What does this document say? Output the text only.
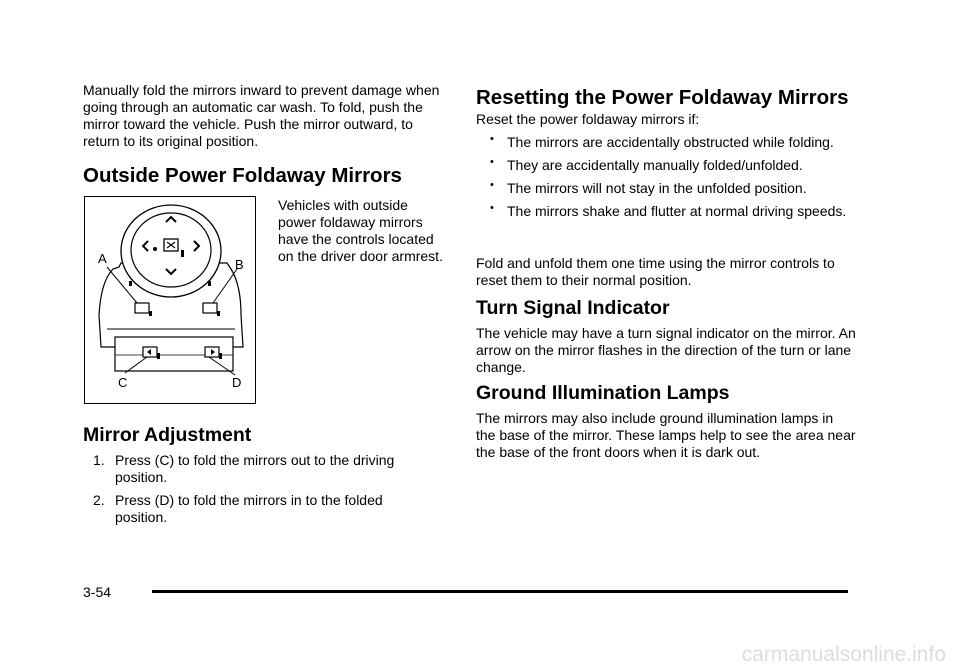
Manually fold the mirrors inward to prevent damage when going through an automatic car wash. To fold, push the mirror toward the vehicle. Push the mirror outward, to return to its original position.

Outside Power Foldaway Mirrors
A	B
C	D

Vehicles with outside power foldaway mirrors have the controls located on the driver door armrest.

Mirror Adjustment
1. Press (C) to fold the mirrors out to the driving position.
2. Press (D) to fold the mirrors in to the folded position.
Resetting the Power Foldaway Mirrors

Reset the power foldaway mirrors if:

• The mirrors are accidentally obstructed while folding.
• They are accidentally manually folded/unfolded.
• The mirrors will not stay in the unfolded position.
• The mirrors shake and flutter at normal driving speeds.

Fold and unfold them one time using the mirror controls to reset them to their normal position.

Turn Signal Indicator

The vehicle may have a turn signal indicator on the mirror. An arrow on the mirror flashes in the direction of the turn or lane change.

Ground Illumination Lamps

The mirrors may also include ground illumination lamps in the base of the mirror. These lamps help to see the area near the base of the front doors when it is dark out.

3-54
carmanualsonline.info
